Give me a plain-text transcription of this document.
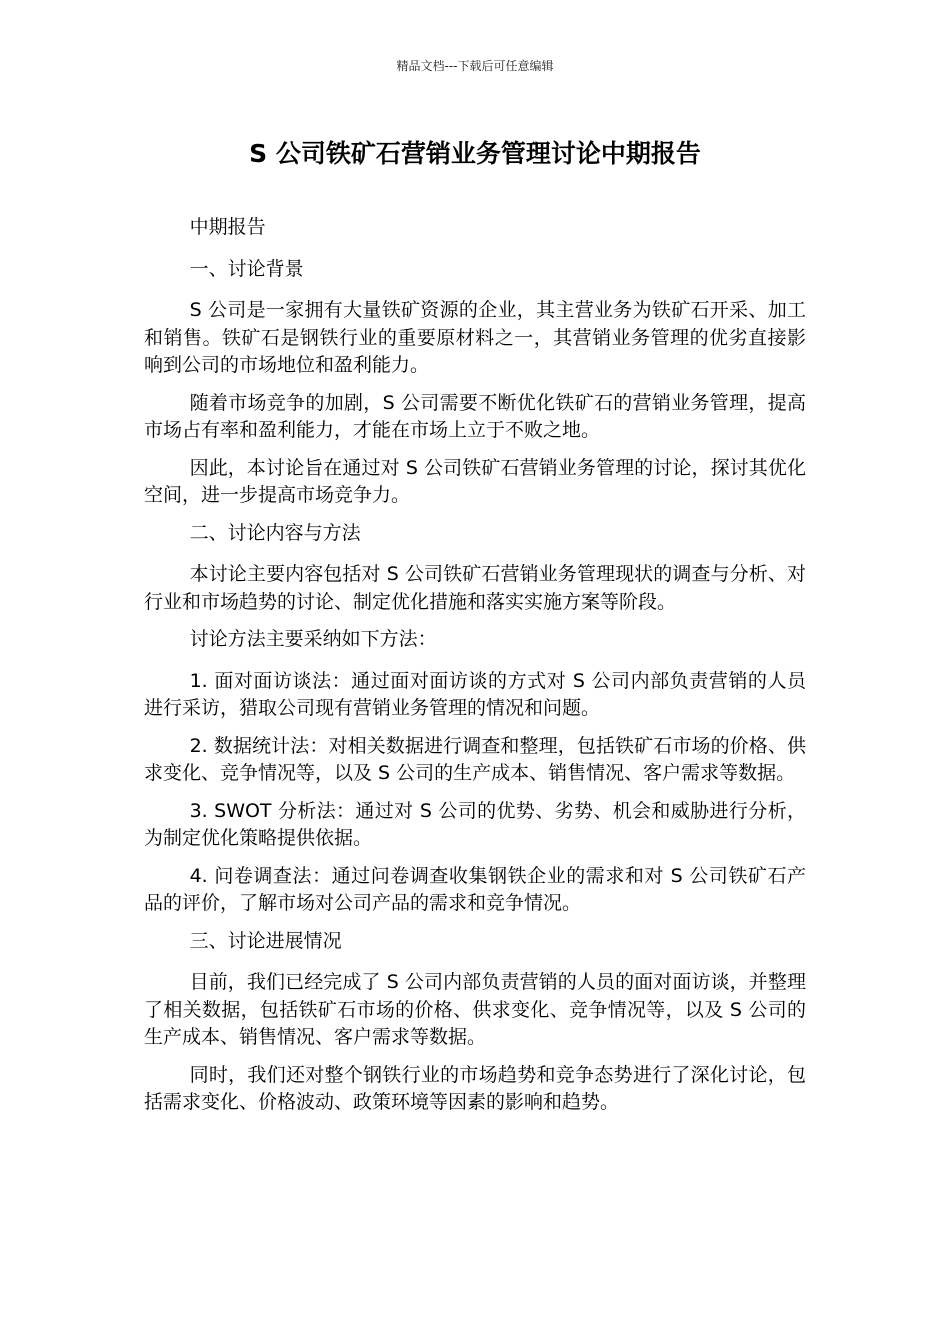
精品文档---下载后可任意编辑
S 公司铁矿石营销业务管理讨论中期报告

中期报告

一、讨论背景

S 公司是一家拥有大量铁矿资源的企业，其主营业务为铁矿石开采、加工和销售。铁矿石是钢铁行业的重要原材料之一，其营销业务管理的优劣直接影响到公司的市场地位和盈利能力。

随着市场竞争的加剧，S 公司需要不断优化铁矿石的营销业务管理，提高市场占有率和盈利能力，才能在市场上立于不败之地。

因此，本讨论旨在通过对 S 公司铁矿石营销业务管理的讨论，探讨其优化空间，进一步提高市场竞争力。

二、讨论内容与方法

本讨论主要内容包括对 S 公司铁矿石营销业务管理现状的调查与分析、对行业和市场趋势的讨论、制定优化措施和落实实施方案等阶段。

讨论方法主要采纳如下方法：

1. 面对面访谈法：通过面对面访谈的方式对 S 公司内部负责营销的人员进行采访，猎取公司现有营销业务管理的情况和问题。

2. 数据统计法：对相关数据进行调查和整理，包括铁矿石市场的价格、供求变化、竞争情况等，以及 S 公司的生产成本、销售情况、客户需求等数据。

3. SWOT 分析法：通过对 S 公司的优势、劣势、机会和威胁进行分析，为制定优化策略提供依据。

4. 问卷调查法：通过问卷调查收集钢铁企业的需求和对 S 公司铁矿石产品的评价，了解市场对公司产品的需求和竞争情况。

三、讨论进展情况

目前，我们已经完成了 S 公司内部负责营销的人员的面对面访谈，并整理了相关数据，包括铁矿石市场的价格、供求变化、竞争情况等，以及 S 公司的生产成本、销售情况、客户需求等数据。

同时，我们还对整个钢铁行业的市场趋势和竞争态势进行了深化讨论，包括需求变化、价格波动、政策环境等因素的影响和趋势。
